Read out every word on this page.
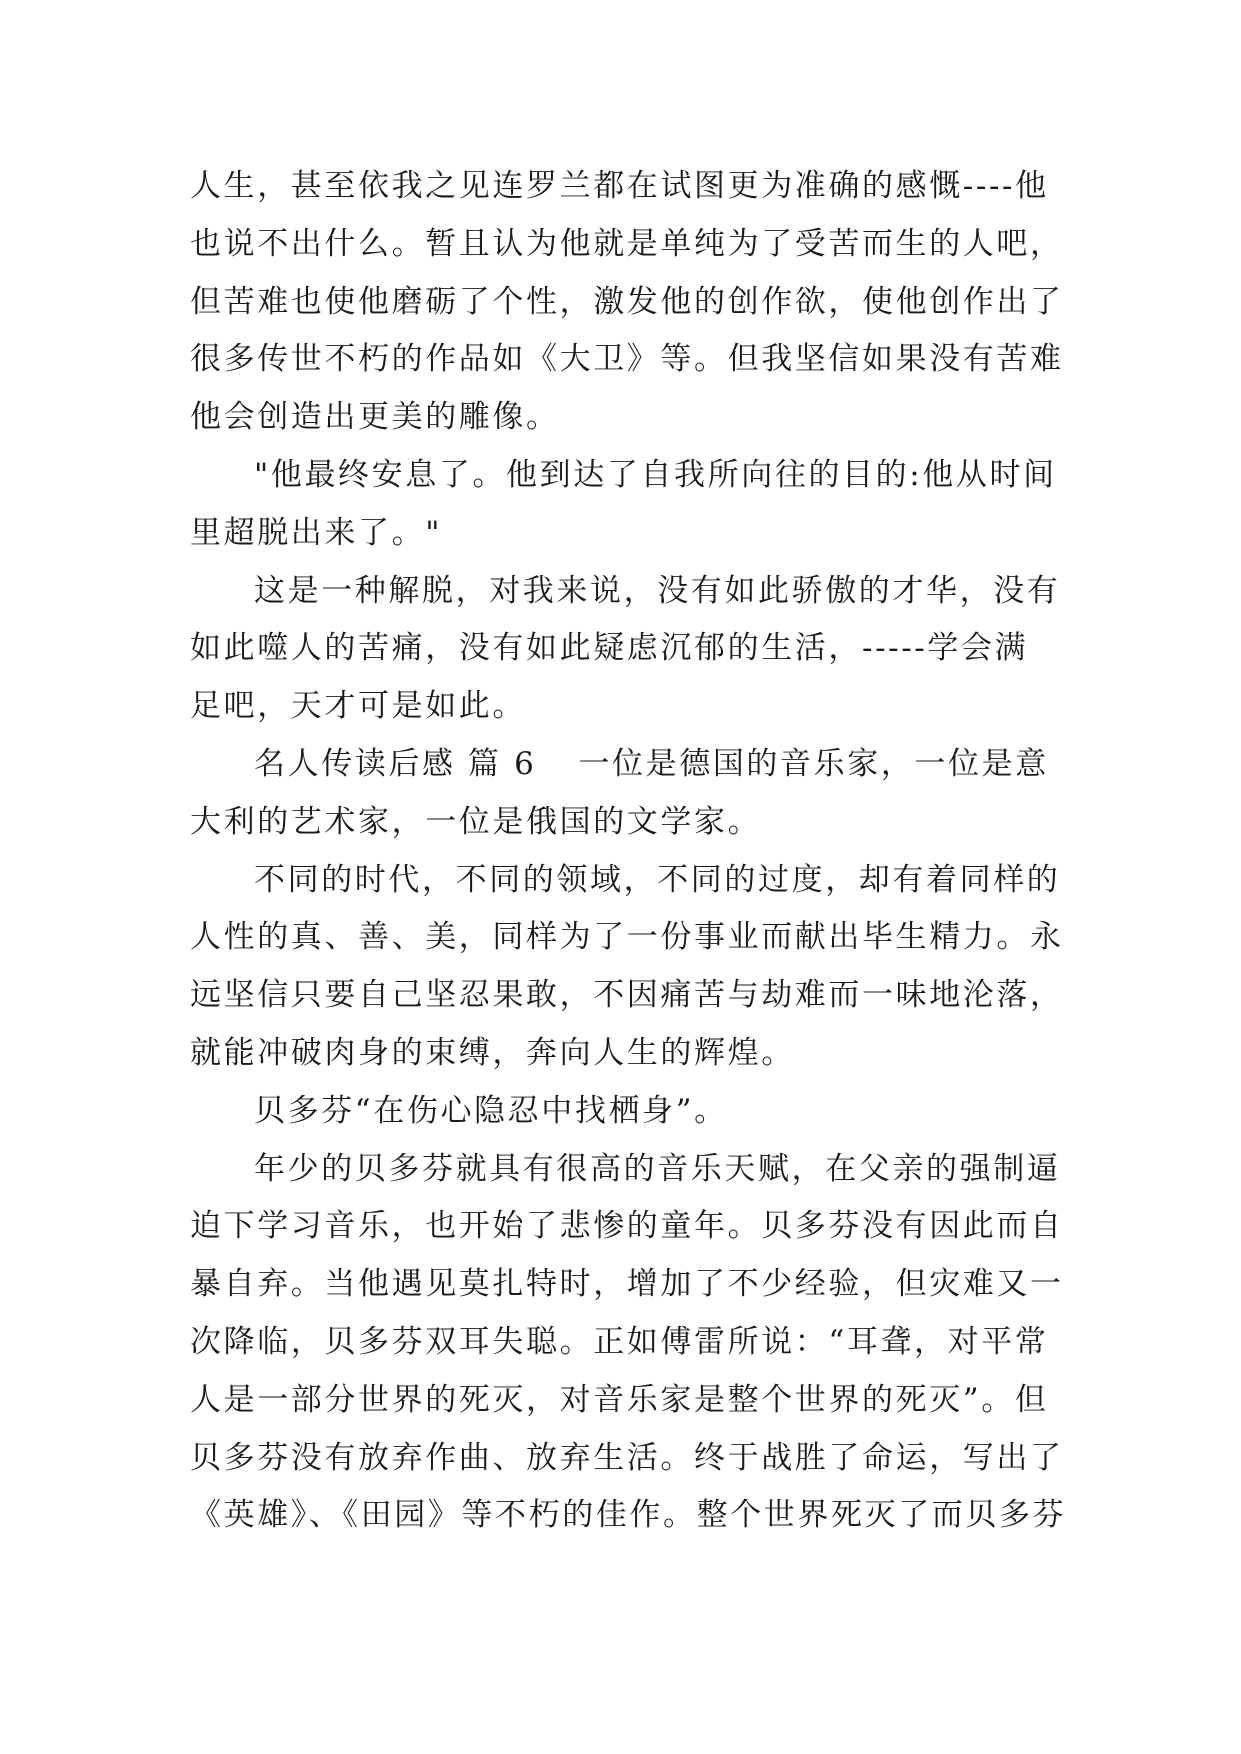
人生，甚至依我之见连罗兰都在试图更为准确的感慨----他
也说不出什么。暂且认为他就是单纯为了受苦而生的人吧，
但苦难也使他磨砺了个性，激发他的创作欲，使他创作出了
很多传世不朽的作品如《大卫》等。但我坚信如果没有苦难
他会创造出更美的雕像。

"他最终安息了。他到达了自我所向往的目的:他从时间
里超脱出来了。"

这是一种解脱，对我来说，没有如此骄傲的才华，没有
如此噬人的苦痛，没有如此疑虑沉郁的生活，-----学会满
足吧，天才可是如此。

名人传读后感 篇 6 一位是德国的音乐家，一位是意
大利的艺术家，一位是俄国的文学家。

不同的时代，不同的领域，不同的过度，却有着同样的
人性的真、善、美，同样为了一份事业而献出毕生精力。永
远坚信只要自己坚忍果敢，不因痛苦与劫难而一味地沦落，
就能冲破肉身的束缚，奔向人生的辉煌。

贝多芬“在伤心隐忍中找栖身”。

年少的贝多芬就具有很高的音乐天赋，在父亲的强制逼
迫下学习音乐，也开始了悲惨的童年。贝多芬没有因此而自
暴自弃。当他遇见莫扎特时，增加了不少经验，但灾难又一
次降临，贝多芬双耳失聪。正如傅雷所说：“耳聋，对平常
人是一部分世界的死灭，对音乐家是整个世界的死灭”。但
贝多芬没有放弃作曲、放弃生活。终于战胜了命运，写出了
《英雄》、《田园》等不朽的佳作。整个世界死灭了而贝多芬
